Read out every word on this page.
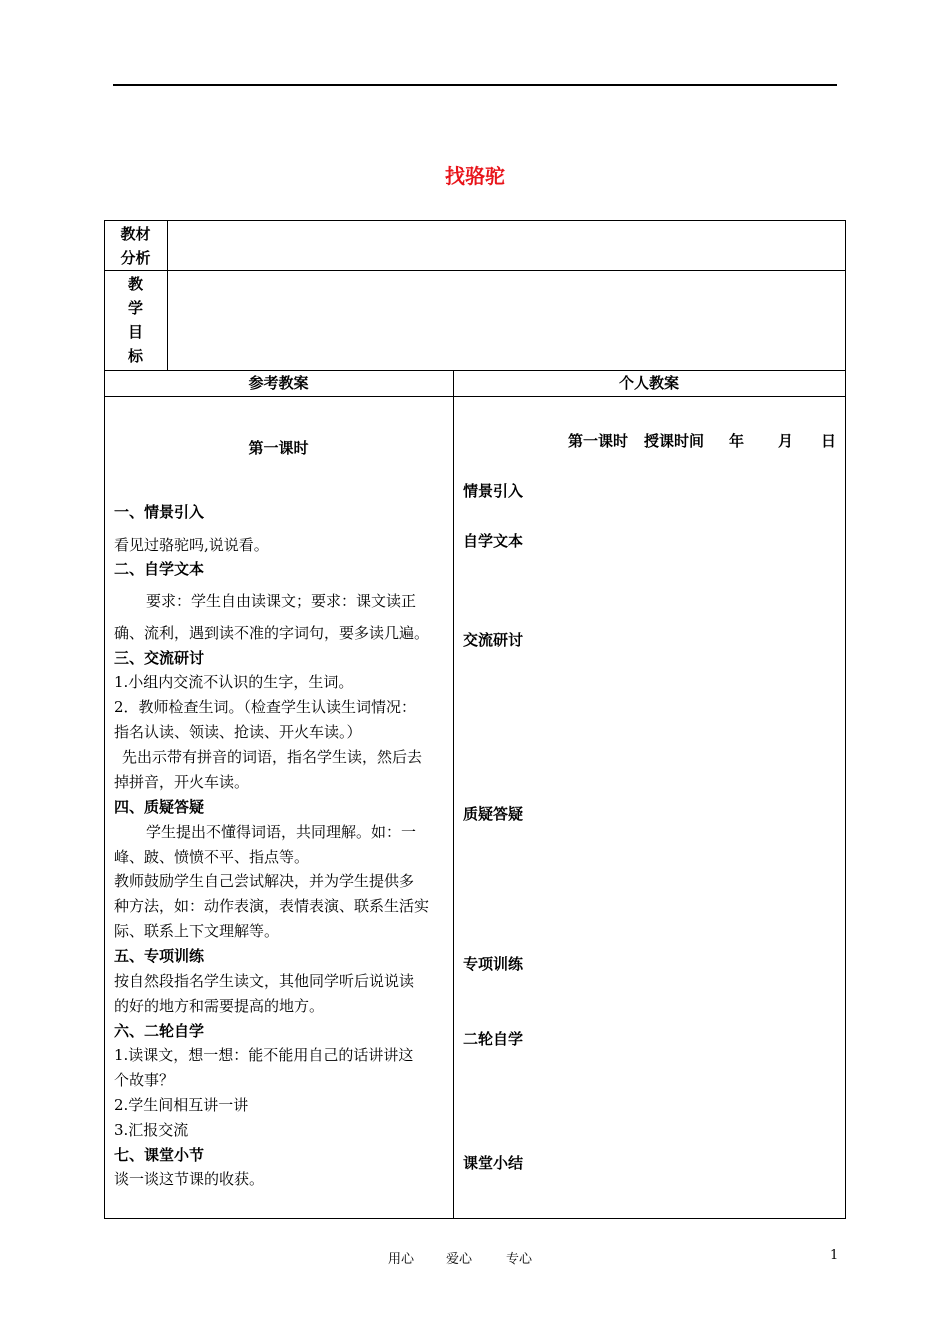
找骆驼
教材
分析
教
学
目
标
参考教案	个人教案
第一课时
一、情景引入
看见过骆驼吗,说说看。
二、自学文本
要求：学生自由读课文；要求：课文读正
确、流利，遇到读不准的字词句，要多读几遍。
三、交流研讨
1.小组内交流不认识的生字，生词。
2．教师检查生词。（检查学生认读生词情况：
指名认读、领读、抢读、开火车读。）
先出示带有拼音的词语，指名学生读，然后去
掉拼音，开火车读。
四、质疑答疑
学生提出不懂得词语，共同理解。如：一
峰、跛、愤愤不平、指点等。
教师鼓励学生自己尝试解决，并为学生提供多
种方法，如：动作表演，表情表演、联系生活实
际、联系上下文理解等。
五、专项训练
按自然段指名学生读文，其他同学听后说说读
的好的地方和需要提高的地方。
六、二轮自学
1.读课文，想一想：能不能用自己的话讲讲这
个故事？
2.学生间相互讲一讲
3.汇报交流
七、课堂小节
谈一谈这节课的收获。
第一课时 授课时间 年 月 日
情景引入
自学文本
交流研讨
质疑答疑
专项训练
二轮自学
课堂小结
用心 爱心	专心	1
